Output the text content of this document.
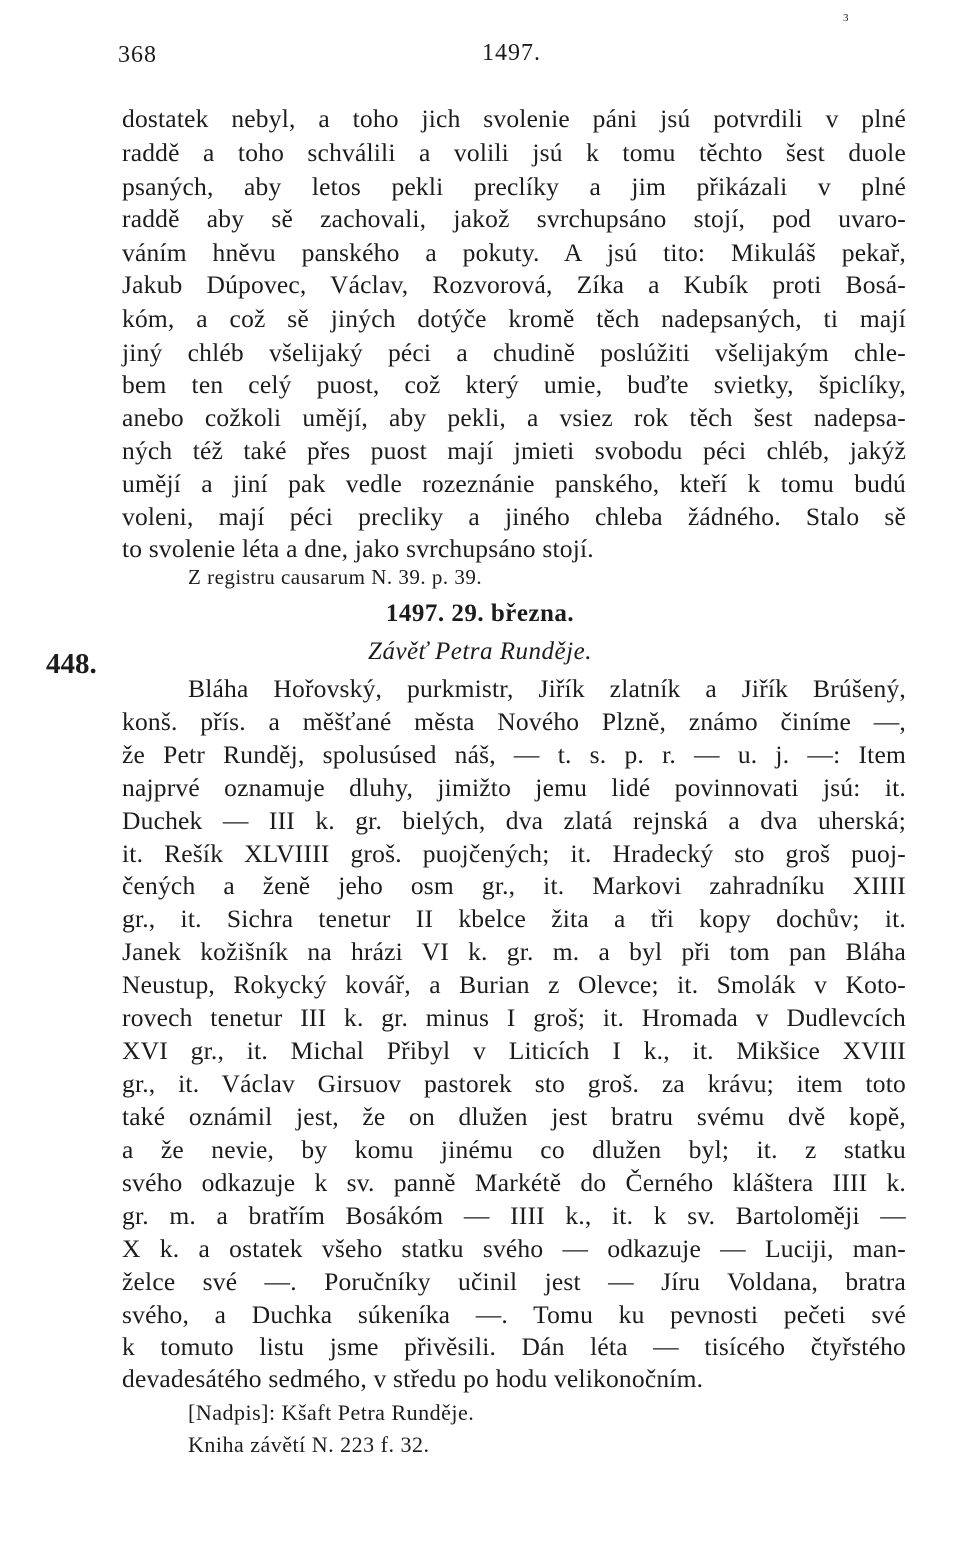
368	1497.
3
dostatek nebyl, a toho jich svolenie páni jsú potvrdili v plné
raddě a toho schválili a volili jsú k tomu těchto šest duole
psaných, aby letos pekli preclíky a jim přikázali v plné
raddě aby sě zachovali, jakož svrchupsáno stojí, pod uvaro-
váním hněvu panského a pokuty. A jsú tito: Mikuláš pekař,
Jakub Dúpovec, Václav, Rozvorová, Zíka a Kubík proti Bosá-
kóm, a což sě jiných dotýče kromě těch nadepsaných, ti mají
jiný chléb všelijaký péci a chudině poslúžiti všelijakým chle-
bem ten celý puost, což který umie, buďte svietky, špiclíky,
anebo cožkoli umějí, aby pekli, a vsiez rok těch šest nadepsa-
ných též také přes puost mají jmieti svobodu péci chléb, jakýž
umějí a jiní pak vedle rozeznánie panského, kteří k tomu budú
voleni, mají péci precliky a jiného chleba žádného. Stalo sě
to svolenie léta a dne, jako svrchupsáno stojí.
Z registru causarum N. 39. p. 39.
448.
1497. 29. března.
Závěť Petra Runděje.
Bláha Hořovský, purkmistr, Jiřík zlatník a Jiřík Brúšený,
konš. přís. a měšťané města Nového Plzně, známo činíme —,
že Petr Runděj, spolusúsed náš, — t. s. p. r. — u. j. —: Item
najprvé oznamuje dluhy, jimižto jemu lidé povinnovati jsú: it.
Duchek — III k. gr. bielých, dva zlatá rejnská a dva uherská;
it. Rešík XLVIIII groš. puojčených; it. Hradecký sto groš puoj-
čených a ženě jeho osm gr., it. Markovi zahradníku XIIII
gr., it. Sichra tenetur II kbelce žita a tři kopy dochův; it.
Janek kožišník na hrázi VI k. gr. m. a byl při tom pan Bláha
Neustup, Rokycký kovář, a Burian z Olevce; it. Smolák v Koto-
rovech tenetur III k. gr. minus I groš; it. Hromada v Dudlevcích
XVI gr., it. Michal Přibyl v Liticích I k., it. Mikšice XVIII
gr., it. Václav Girsuov pastorek sto groš. za krávu; item toto
také oznámil jest, že on dlužen jest bratru svému dvě kopě,
a že nevie, by komu jinému co dlužen byl; it. z statku
svého odkazuje k sv. panně Markétě do Černého kláštera IIII k.
gr. m. a bratřím Bosákóm — IIII k., it. k sv. Bartoloměji —
X k. a ostatek všeho statku svého — odkazuje — Luciji, man-
želce své —. Poručníky učinil jest — Jíru Voldana, bratra
svého, a Duchka súkeníka —. Tomu ku pevnosti pečeti své
k tomuto listu jsme přivěsili. Dán léta — tisícého čtyřstého
devadesátého sedmého, v středu po hodu velikonočním.
[Nadpis]: Kšaft Petra Runděje.
Kniha závětí N. 223 f. 32.
